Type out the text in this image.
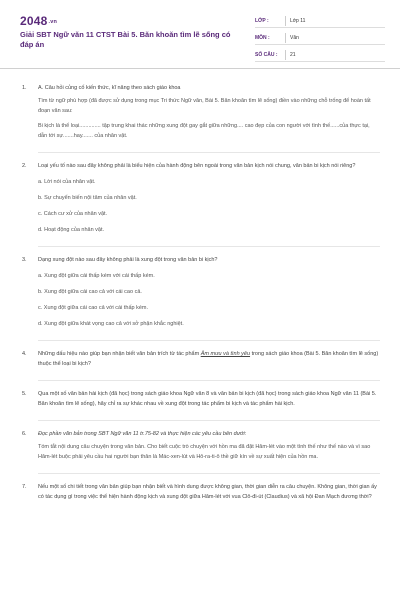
2048.vn
Giải SBT Ngữ văn 11 CTST Bài 5. Băn khoăn tìm lẽ sống có đáp án
LỚP :	Lớp 11
MÔN :	Văn
SỐ CÂU :	21
1.	A. Câu hỏi củng cố kiến thức, kĩ năng theo sách giáo khoa
Tìm từ ngữ phù hợp (đã được sử dụng trong mục Tri thức Ngữ văn, Bài 5. Băn khoăn tìm lẽ sống) điền vào những chỗ trống để hoàn tất đoạn văn sau:
Bi kịch là thể loại.............. tập trung khai thác những xung đột gay gắt giữa những.... cao đẹp của con người với tình thế......của thực tại, dẫn tới sự.......hay....... của nhân vật.
2.	Loại yếu tố nào sau đây không phải là biểu hiện của hành động bên ngoài trong văn bản kịch nói chung, văn bản bi kịch nói riêng?
a. Lời nói của nhân vật.
b. Sự chuyển biến nội tâm của nhân vật.
c. Cách cư xử của nhân vật.
d. Hoạt động của nhân vật.
3.	Dạng xung đột nào sau đây không phải là xung đột trong văn bản bi kịch?
a. Xung đột giữa cái thấp kém với cái thấp kém.
b. Xung đột giữa cái cao cả với cái cao cả.
c. Xung đột giữa cái cao cả với cái thấp kém.
d. Xung đột giữa khát vọng cao cả với sở phận khắc nghiệt.
4.	Những dấu hiệu nào giúp bạn nhận biết văn bản trích từ tác phẩm Âm mưu và tình yêu trong sách giáo khoa (Bài 5. Băn khoăn tìm lẽ sống) thuộc thể loại bi kịch?
5.	Qua một số văn bản hài kịch (đã học) trong sách giáo khoa Ngữ văn 8 và văn bản bi kịch (đã học) trong sách giáo khoa Ngữ văn 11 (Bài 5. Băn khoăn tìm lẽ sống), hãy chỉ ra sự khác nhau về xung đột trong tác phẩm bi kịch và tác phẩm hài kịch.
6.	Đọc phần văn bản trong SBT Ngữ văn 11 tr.75-82 và thực hiện các yêu cầu bên dưới:
Tóm tắt nội dung câu chuyện trong văn bản. Cho biết cuộc trò chuyện với hồn ma đã đặt Hăm-lét vào một tình thế như thế nào và vì sao Hăm-lét buộc phải yêu cầu hai người bạn thân là Mác-xen-lút và Hô-ra-ti-ô thề giữ kín về sự xuất hiện của hồn ma.
7.	Nếu một số chi tiết trong văn bản giúp bạn nhận biết và hình dung được không gian, thời gian diễn ra câu chuyện. Không gian, thời gian ấy có tác dụng gì trong việc thể hiện hành động kịch và xung đột giữa Hăm-lét với vua Clô-đi-út (Claudius) và xã hội Đan Mạch đương thời?
